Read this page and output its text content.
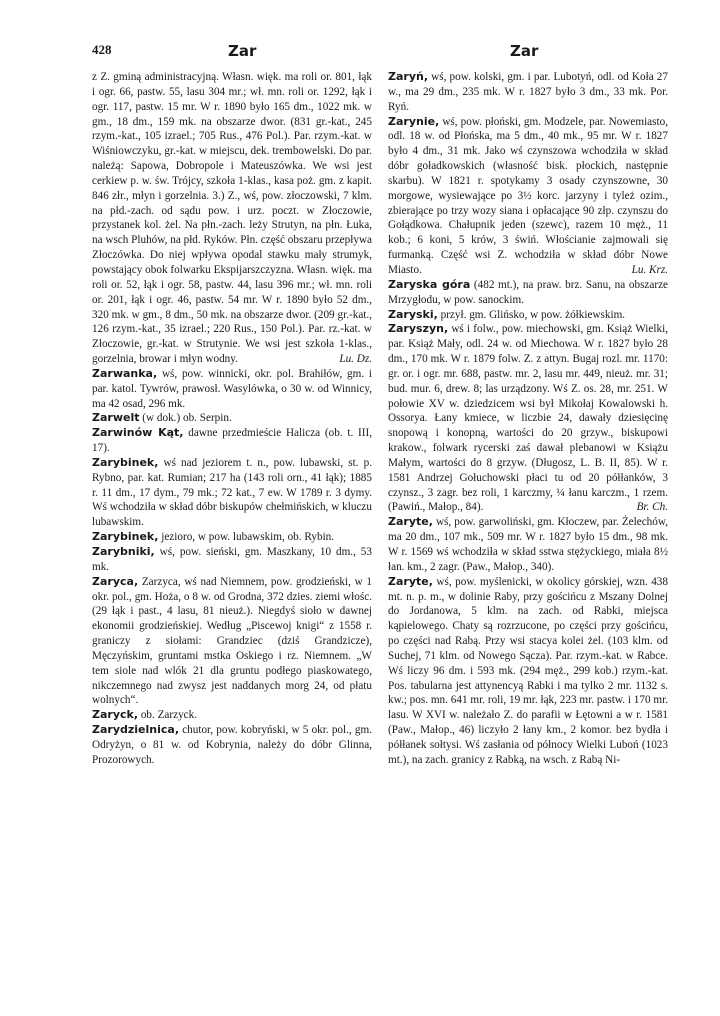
428	Zar	Zar

z Z. gminą administracyjną. Własn. więk. ma roli or. 801, łąk i ogr. 66, pastw. 55, lasu 304 mr.; wł. mn. roli or. 1292, łąk i ogr. 117, pastw. 15 mr. W r. 1890 było 165 dm., 1022 mk. w gm., 18 dm., 159 mk. na obszarze dwor. (831 gr.-kat., 245 rzym.-kat., 105 izrael.; 705 Rus., 476 Pol.). Par. rzym.-kat. w Wiśniowczyku, gr.-kat. w miejscu, dek. trembowelski. Do par. należą: Sapowa, Dobropole i Mateuszówka. We wsi jest cerkiew p. w. św. Trójcy, szkoła 1-klas., kasa poż. gm. z kapit. 846 złr., młyn i gorzelnia. 3.) Z., wś, pow. złoczowski, 7 klm. na płd.-zach. od sądu pow. i urz. poczt. w Złoczowie, przystanek kol. żel. Na płn.-zach. leży Strutyn, na płn. Łuka, na wsch Pluhów, na płd. Ryków. Płn. część obszaru przepływa Złoczówka. Do niej wpływa opodal stawku mały strumyk, powstający obok folwarku Ekspijarszczyzna. Własn. więk. ma roli or. 52, łąk i ogr. 58, pastw. 44, lasu 396 mr.; wł. mn. roli or. 201, łąk i ogr. 46, pastw. 54 mr. W r. 1890 było 52 dm., 320 mk. w gm., 8 dm., 50 mk. na obszarze dwor. (209 gr.-kat., 126 rzym.-kat., 35 izrael.; 220 Rus., 150 Pol.). Par. rz.-kat. w Złoczowie, gr.-kat. w Strutynie. We wsi jest szkoła 1-klas., gorzelnia, browar i młyn wodny.	Lu. Dz.

Zarwanka, wś, pow. winnicki, okr. pol. Brahiłów, gm. i par. katol. Tywrów, prawosł. Wasylówka, o 30 w. od Winnicy, ma 42 osad, 296 mk.

Zarwelt (w dok.) ob. Serpin.

Zarwinów Kąt, dawne przedmieście Halicza (ob. t. III, 17).

Zarybinek, wś nad jeziorem t. n., pow. lubawski, st. p. Rybno, par. kat. Rumian; 217 ha (143 roli orn., 41 łąk); 1885 r. 11 dm., 17 dym., 79 mk.; 72 kat., 7 ew. W 1789 r. 3 dymy. Wś wchodziła w skład dóbr biskupów chełmińskich, w kluczu lubawskim.

Zarybinek, jezioro, w pow. lubawskim, ob. Rybin.

Zarybniki, wś, pow. sieński, gm. Maszkany, 10 dm., 53 mk.

Zaryca, Zarzyca, wś nad Niemnem, pow. grodzieński, w 1 okr. pol., gm. Hoża, o 8 w. od Grodna, 372 dzies. ziemi włośc. (29 łąk i past., 4 lasu, 81 nieuż.). Niegdyś sioło w dawnej ekonomii grodzieńskiej. Według „Piscewoj knigi“ z 1558 r. graniczy z siołami: Grandziec (dziś Grandzicze), Męczyńskim, gruntami mstka Oskiego i rz. Niemnem. „W tem siole nad wlók 21 dla gruntu podłego piaskowatego, nikczemnego nad zwysz jest naddanych morg 24, od płatu wolnych“.

Zaryck, ob. Zarzyck.

Zarydzielnica, chutor, pow. kobryński, w 5 okr. pol., gm. Odryżyn, o 81 w. od Kobrynia, należy do dóbr Glinna, Prozorowych.

Zaryń, wś, pow. kolski, gm. i par. Lubotyń, odl. od Koła 27 w., ma 29 dm., 235 mk. W r. 1827 było 3 dm., 33 mk. Por. Ryń.

Zarynie, wś, pow. płoński, gm. Modzele, par. Nowemiasto, odl. 18 w. od Płońska, ma 5 dm., 40 mk., 95 mr. W r. 1827 było 4 dm., 31 mk. Jako wś czynszowa wchodziła w skład dóbr goładkowskich (własność bisk. płockich, następnie skarbu). W 1821 r. spotykamy 3 osady czynszowne, 30 morgowe, wysiewające po 3½ korc. jarzyny i tyleż ozim., zbierające po trzy wozy siana i opłacające 90 złp. czynszu do Gołądkowa. Chałupnik jeden (szewc), razem 10 męż., 11 kob.; 6 koni, 5 krów, 3 świń. Włościanie zajmowali się furmanką. Część wsi Z. wchodziła w skład dóbr Nowe Miasto.	Lu. Krz.

Zaryska góra (482 mt.), na praw. brz. Sanu, na obszarze Mrzygłodu, w pow. sanockim.

Zaryski, przył. gm. Glińsko, w pow. żółkiewskim.

Zaryszyn, wś i folw., pow. miechowski, gm. Książ Wielki, par. Książ Mały, odl. 24 w. od Miechowa. W r. 1827 było 28 dm., 170 mk. W r. 1879 folw. Z. z attyn. Bugaj rozl. mr. 1170: gr. or. i ogr. mr. 688, pastw. mr. 2, lasu mr. 449, nieuż. mr. 31; bud. mur. 6, drew. 8; las urządzony. Wś Z. os. 28, mr. 251. W połowie XV w. dziedzicem wsi był Mikołaj Kowalowski h. Ossorya. Łany kmiece, w liczbie 24, dawały dziesięcinę snopową i konopną, wartości do 20 grzyw., biskupowi krakow., folwark rycerski zaś dawał plebanowi w Książu Małym, wartości do 8 grzyw. (Długosz, L. B. II, 85). W r. 1581 Andrzej Gołuchowski płaci tu od 20 półłanków, 3 czynsz., 3 zagr. bez roli, 1 karczmy, ¼ łanu karczm., 1 rzem. (Pawiń., Małop., 84).	Br. Ch.

Zaryte, wś, pow. garwoliński, gm. Kłoczew, par. Żelechów, ma 20 dm., 107 mk., 509 mr. W r. 1827 było 15 dm., 98 mk. W r. 1569 wś wchodziła w skład sstwa stężyckiego, miała 8½ łan. km., 2 zagr. (Paw., Małop., 340).

Zaryte, wś, pow. myślenicki, w okolicy górskiej, wzn. 438 mt. n. p. m., w dolinie Raby, przy gościńcu z Mszany Dolnej do Jordanowa, 5 klm. na zach. od Rabki, miejsca kąpielowego. Chaty są rozrzucone, po części przy gościńcu, po części nad Rabą. Przy wsi stacya kolei żel. (103 klm. od Suchej, 71 klm. od Nowego Sącza). Par. rzym.-kat. w Rabce. Wś liczy 96 dm. i 593 mk. (294 męż., 299 kob.) rzym.-kat. Pos. tabularna jest attynencyą Rabki i ma tylko 2 mr. 1132 s. kw.; pos. mn. 641 mr. roli, 19 mr. łąk, 223 mr. pastw. i 170 mr. lasu. W XVI w. należało Z. do parafii w Łętowni a w r. 1581 (Paw., Małop., 46) liczyło 2 łany km., 2 komor. bez bydła i półłanek sołtysi. Wś zasłania od północy Wielki Luboń (1023 mt.), na zach. granicy z Rabką, na wsch. z Rabą Ni-
